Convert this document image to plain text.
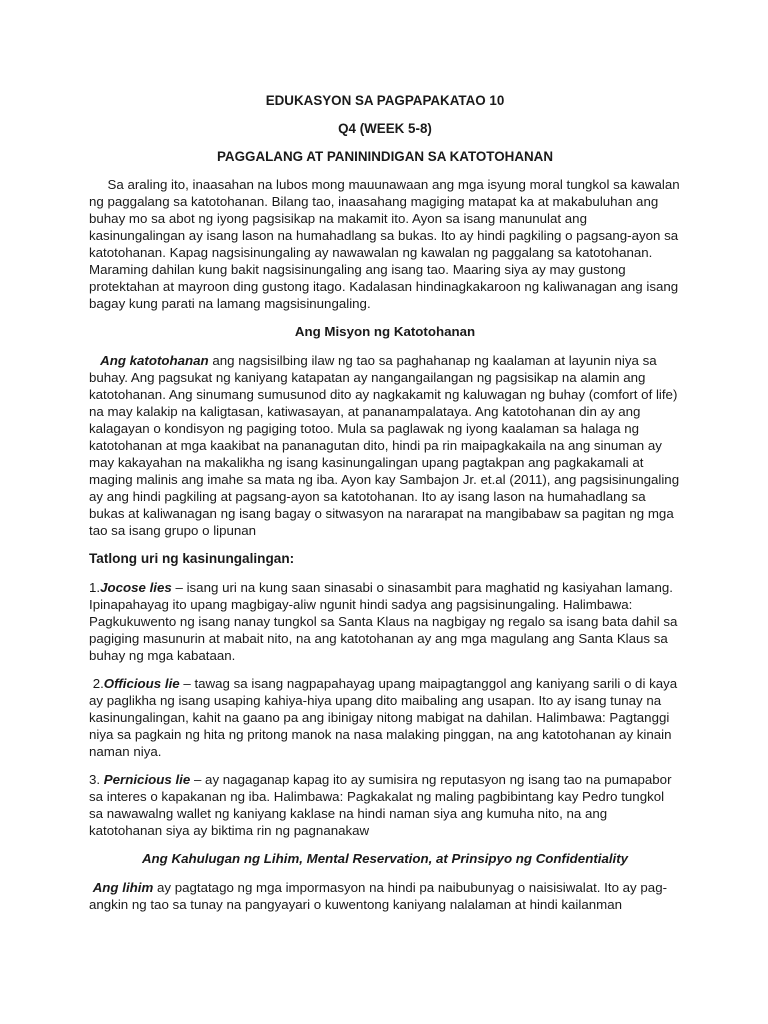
EDUKASYON SA PAGPAPAKATAO 10

Q4 (WEEK 5-8)

PAGGALANG AT PANININDIGAN SA KATOTOHANAN

Sa araling ito, inaasahan na lubos mong mauunawaan ang mga isyung moral tungkol sa kawalan ng paggalang sa katotohanan. Bilang tao, inaasahang magiging matapat ka at makabuluhan ang buhay mo sa abot ng iyong pagsisikap na makamit ito. Ayon sa isang manunulat ang kasinungalingan ay isang lason na humahadlang sa bukas. Ito ay hindi pagkiling o pagsang-ayon sa katotohanan. Kapag nagsisinungaling ay nawawalan ng kawalan ng paggalang sa katotohanan. Maraming dahilan kung bakit nagsisinungaling ang isang tao. Maaring siya ay may gustong protektahan at mayroon ding gustong itago. Kadalasan hindinagkakaroon ng kaliwanagan ang isang bagay kung parati na lamang magsisinungaling.

Ang Misyon ng Katotohanan

Ang katotohanan ang nagsisilbing ilaw ng tao sa paghahanap ng kaalaman at layunin niya sa buhay. Ang pagsukat ng kaniyang katapatan ay nangangailangan ng pagsisikap na alamin ang katotohanan. Ang sinumang sumusunod dito ay nagkakamit ng kaluwagan ng buhay (comfort of life) na may kalakip na kaligtasan, katiwasayan, at pananampalataya. Ang katotohanan din ay ang kalagayan o kondisyon ng pagiging totoo. Mula sa paglawak ng iyong kaalaman sa halaga ng katotohanan at mga kaakibat na pananagutan dito, hindi pa rin maipagkakaila na ang sinuman ay may kakayahan na makalikha ng isang kasinungalingan upang pagtakpan ang pagkakamali at maging malinis ang imahe sa mata ng iba. Ayon kay Sambajon Jr. et.al (2011), ang pagsisinungaling ay ang hindi pagkiling at pagsang-ayon sa katotohanan. Ito ay isang lason na humahadlang sa bukas at kaliwanagan ng isang bagay o sitwasyon na nararapat na mangibabaw sa pagitan ng mga tao sa isang grupo o lipunan

Tatlong uri ng kasinungalingan:

1.Jocose lies – isang uri na kung saan sinasabi o sinasambit para maghatid ng kasiyahan lamang. Ipinapahayag ito upang magbigay-aliw ngunit hindi sadya ang pagsisinungaling. Halimbawa: Pagkukuwento ng isang nanay tungkol sa Santa Klaus na nagbigay ng regalo sa isang bata dahil sa pagiging masunurin at mabait nito, na ang katotohanan ay ang mga magulang ang Santa Klaus sa buhay ng mga kabataan.

2.Officious lie – tawag sa isang nagpapahayag upang maipagtanggol ang kaniyang sarili o di kaya ay paglikha ng isang usaping kahiya-hiya upang dito maibaling ang usapan. Ito ay isang tunay na kasinungalingan, kahit na gaano pa ang ibinigay nitong mabigat na dahilan. Halimbawa: Pagtanggi niya sa pagkain ng hita ng pritong manok na nasa malaking pinggan, na ang katotohanan ay kinain naman niya.

3. Pernicious lie – ay nagaganap kapag ito ay sumisira ng reputasyon ng isang tao na pumapabor sa interes o kapakanan ng iba. Halimbawa: Pagkakalat ng maling pagbibintang kay Pedro tungkol sa nawawalng wallet ng kaniyang kaklase na hindi naman siya ang kumuha nito, na ang katotohanan siya ay biktima rin ng pagnanakaw

Ang Kahulugan ng Lihim, Mental Reservation, at Prinsipyo ng Confidentiality

Ang lihim ay pagtatago ng mga impormasyon na hindi pa naibubunyag o naisisiwalat. Ito ay pag-angkin ng tao sa tunay na pangyayari o kuwentong kaniyang nalalaman at hindi kailanman
